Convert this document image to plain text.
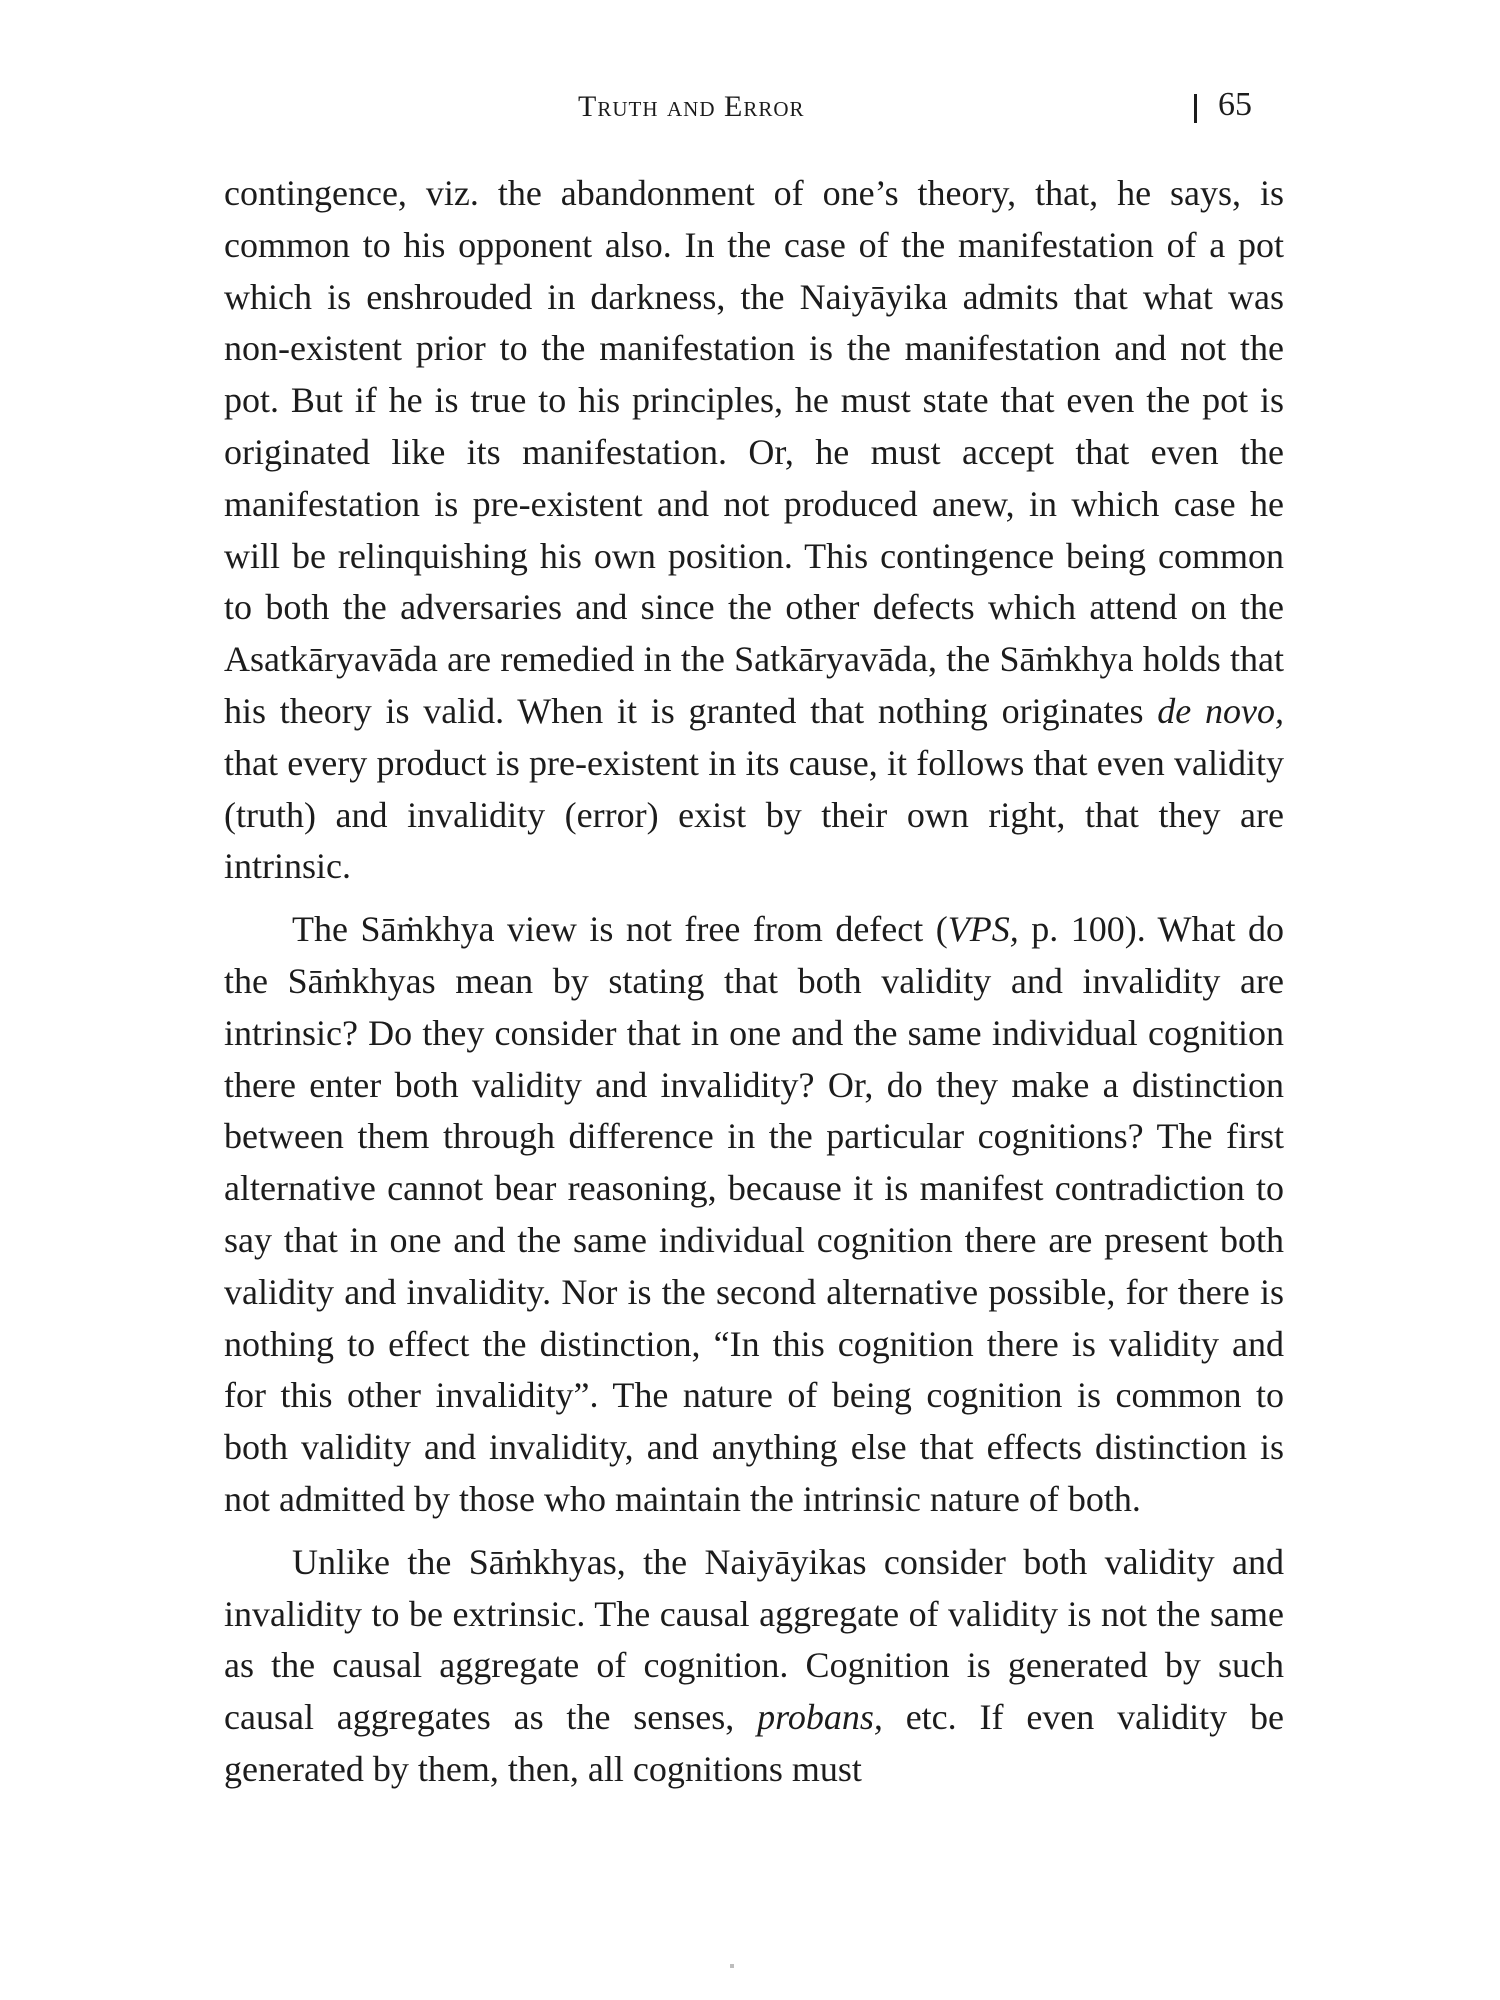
Truth and Error	65

contingence, viz. the abandonment of one’s theory, that, he says, is common to his opponent also. In the case of the manifestation of a pot which is enshrouded in darkness, the Naiyāyika admits that what was non-existent prior to the manifestation is the manifestation and not the pot. But if he is true to his principles, he must state that even the pot is originated like its manifestation. Or, he must accept that even the manifestation is pre-existent and not produced anew, in which case he will be relinquishing his own position. This contingence being common to both the adversaries and since the other defects which attend on the Asatkāryavāda are remedied in the Satkāryavāda, the Sāṁkhya holds that his theory is valid. When it is granted that nothing originates de novo, that every product is pre-existent in its cause, it follows that even validity (truth) and invalidity (error) exist by their own right, that they are intrinsic.

The Sāṁkhya view is not free from defect (VPS, p. 100). What do the Sāṁkhyas mean by stating that both validity and invalidity are intrinsic? Do they consider that in one and the same individual cognition there enter both validity and invalidity? Or, do they make a distinction between them through difference in the particular cognitions? The first alternative cannot bear reasoning, because it is manifest contradiction to say that in one and the same individual cognition there are present both validity and invalidity. Nor is the second alternative possible, for there is nothing to effect the distinction, “In this cognition there is validity and for this other invalidity”. The nature of being cognition is common to both validity and invalidity, and anything else that effects distinction is not admitted by those who maintain the intrinsic nature of both.

Unlike the Sāṁkhyas, the Naiyāyikas consider both validity and invalidity to be extrinsic. The causal aggregate of validity is not the same as the causal aggregate of cognition. Cognition is generated by such causal aggregates as the senses, probans, etc. If even validity be generated by them, then, all cognitions must
